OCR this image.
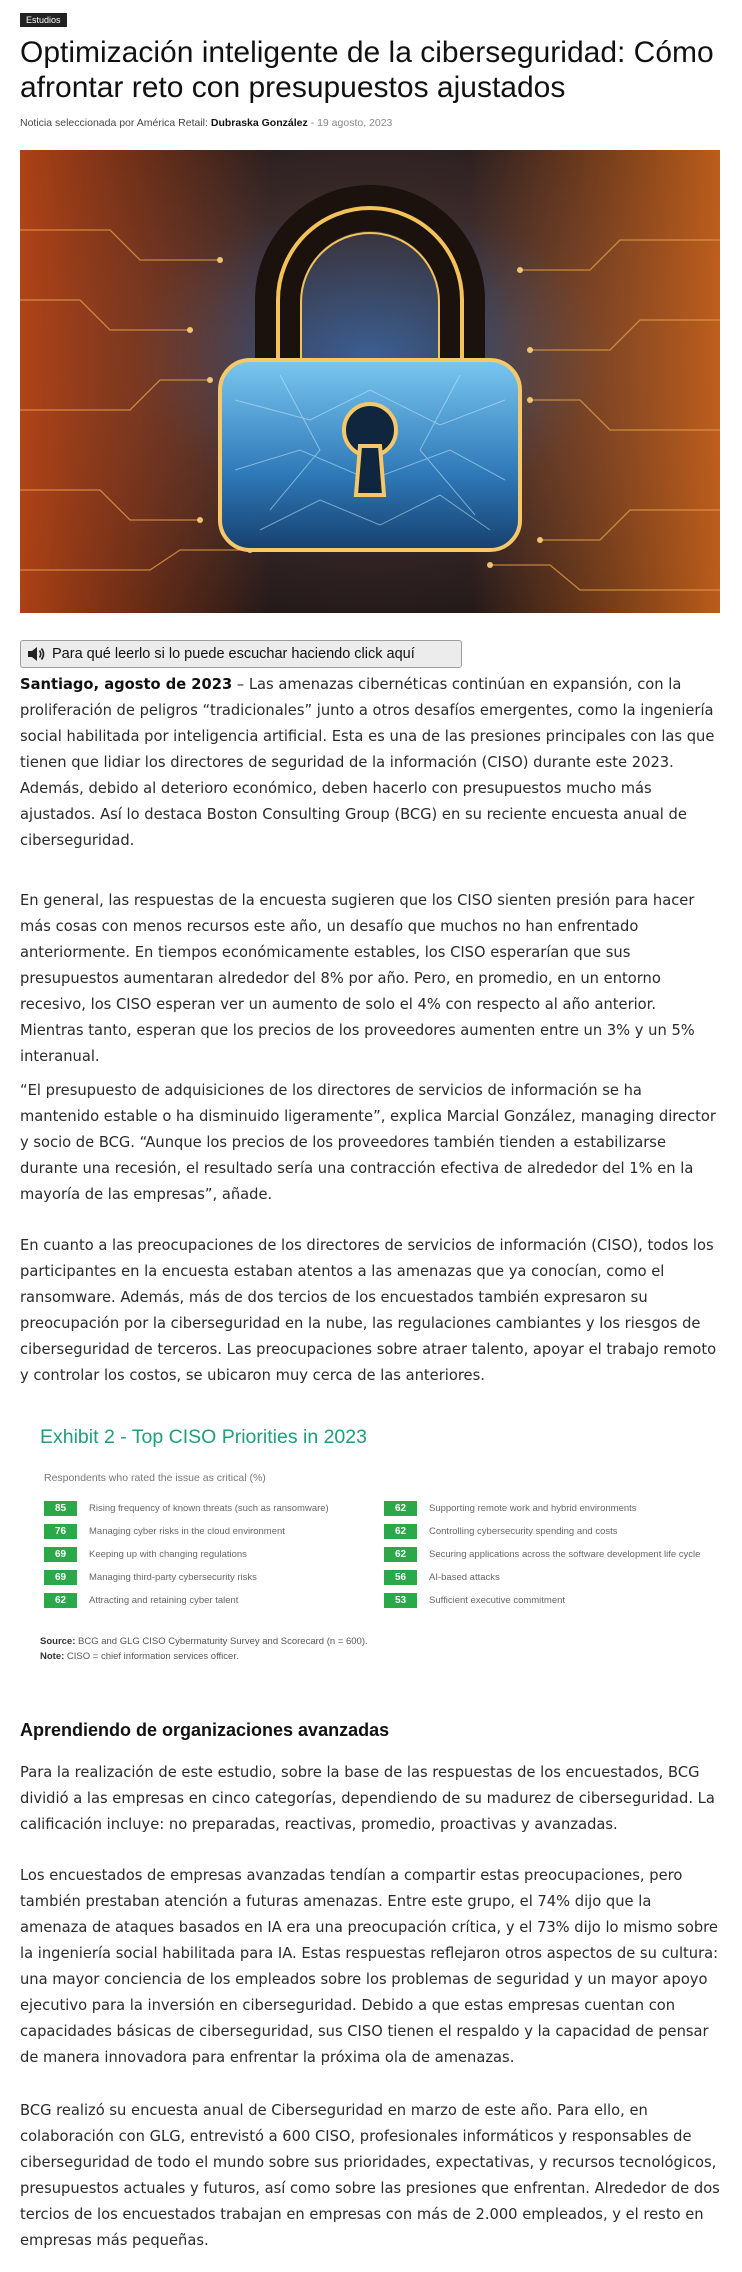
Estudios
Optimización inteligente de la ciberseguridad: Cómo afrontar reto con presupuestos ajustados
Noticia seleccionada por América Retail: Dubraska González - 19 agosto, 2023
Para qué leerlo si lo puede escuchar haciendo click aquí

Santiago, agosto de 2023 – Las amenazas cibernéticas continúan en expansión, con la proliferación de peligros “tradicionales” junto a otros desafíos emergentes, como la ingeniería social habilitada por inteligencia artificial. Esta es una de las presiones principales con las que tienen que lidiar los directores de seguridad de la información (CISO) durante este 2023. Además, debido al deterioro económico, deben hacerlo con presupuestos mucho más ajustados. Así lo destaca Boston Consulting Group (BCG) en su reciente encuesta anual de ciberseguridad.

En general, las respuestas de la encuesta sugieren que los CISO sienten presión para hacer más cosas con menos recursos este año, un desafío que muchos no han enfrentado anteriormente. En tiempos económicamente estables, los CISO esperarían que sus presupuestos aumentaran alrededor del 8% por año. Pero, en promedio, en un entorno recesivo, los CISO esperan ver un aumento de solo el 4% con respecto al año anterior. Mientras tanto, esperan que los precios de los proveedores aumenten entre un 3% y un 5% interanual.

“El presupuesto de adquisiciones de los directores de servicios de información se ha mantenido estable o ha disminuido ligeramente”, explica Marcial González, managing director y socio de BCG. “Aunque los precios de los proveedores también tienden a estabilizarse durante una recesión, el resultado sería una contracción efectiva de alrededor del 1% en la mayoría de las empresas”, añade.

En cuanto a las preocupaciones de los directores de servicios de información (CISO), todos los participantes en la encuesta estaban atentos a las amenazas que ya conocían, como el ransomware. Además, más de dos tercios de los encuestados también expresaron su preocupación por la ciberseguridad en la nube, las regulaciones cambiantes y los riesgos de ciberseguridad de terceros. Las preocupaciones sobre atraer talento, apoyar el trabajo remoto y controlar los costos, se ubicaron muy cerca de las anteriores.

Exhibit 2 - Top CISO Priorities in 2023
Respondents who rated the issue as critical (%)
85	Rising frequency of known threats (such as ransomware)
76	Managing cyber risks in the cloud environment
69	Keeping up with changing regulations
69	Managing third-party cybersecurity risks
62	Attracting and retaining cyber talent
62	Supporting remote work and hybrid environments
62	Controlling cybersecurity spending and costs
62	Securing applications across the software development life cycle
56	AI-based attacks
53	Sufficient executive commitment
Source: BCG and GLG CISO Cybermaturity Survey and Scorecard (n = 600).
Note: CISO = chief information services officer.
Aprendiendo de organizaciones avanzadas

Para la realización de este estudio, sobre la base de las respuestas de los encuestados, BCG dividió a las empresas en cinco categorías, dependiendo de su madurez de ciberseguridad. La calificación incluye: no preparadas, reactivas, promedio, proactivas y avanzadas.

Los encuestados de empresas avanzadas tendían a compartir estas preocupaciones, pero también prestaban atención a futuras amenazas. Entre este grupo, el 74% dijo que la amenaza de ataques basados en IA era una preocupación crítica, y el 73% dijo lo mismo sobre la ingeniería social habilitada para IA. Estas respuestas reflejaron otros aspectos de su cultura: una mayor conciencia de los empleados sobre los problemas de seguridad y un mayor apoyo ejecutivo para la inversión en ciberseguridad. Debido a que estas empresas cuentan con capacidades básicas de ciberseguridad, sus CISO tienen el respaldo y la capacidad de pensar de manera innovadora para enfrentar la próxima ola de amenazas.

BCG realizó su encuesta anual de Ciberseguridad en marzo de este año. Para ello, en colaboración con GLG, entrevistó a 600 CISO, profesionales informáticos y responsables de ciberseguridad de todo el mundo sobre sus prioridades, expectativas, y recursos tecnológicos, presupuestos actuales y futuros, así como sobre las presiones que enfrentan. Alrededor de dos tercios de los encuestados trabajan en empresas con más de 2.000 empleados, y el resto en empresas más pequeñas.
